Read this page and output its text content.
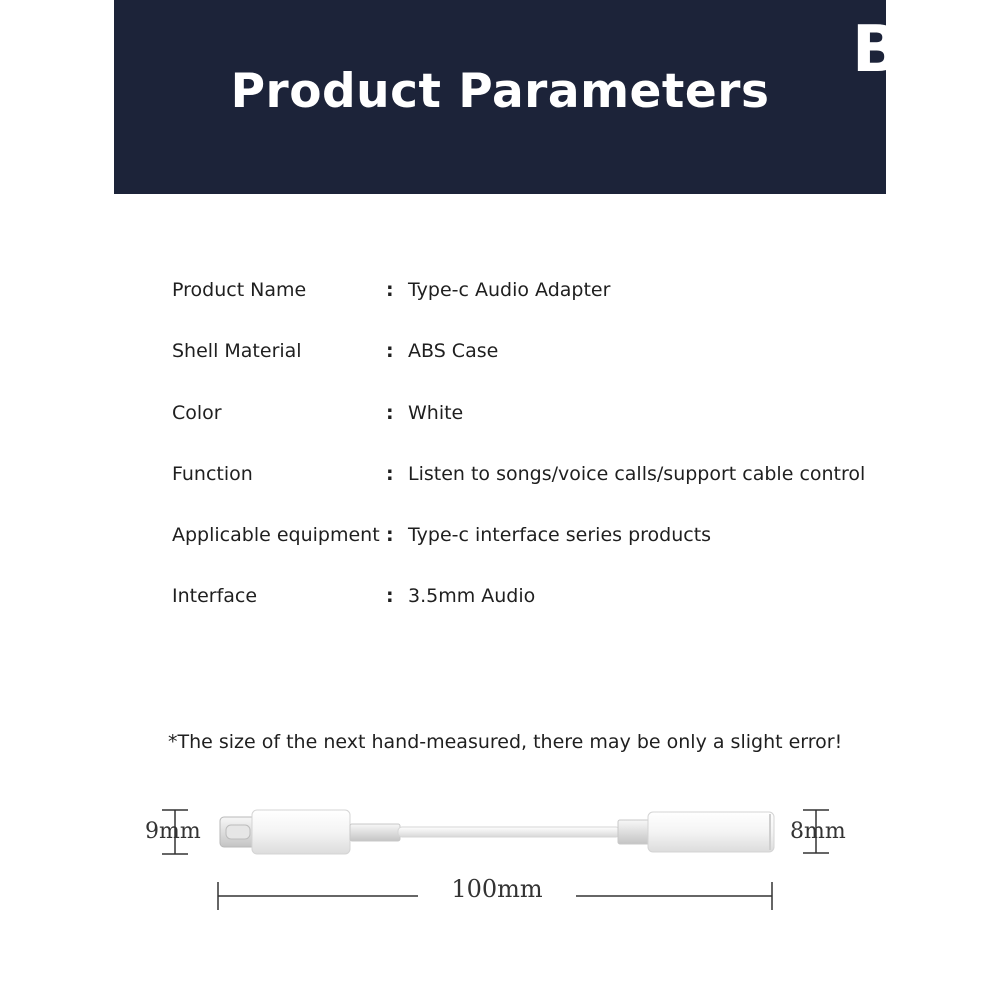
Product Parameters
B
Product Name	: Type-c Audio Adapter
Shell Material	: ABS Case
Color	: White
Function	: Listen to songs/voice calls/support cable control
Applicable equipment : Type-c interface series products
Interface	: 3.5mm Audio
*The size of the next hand-measured, there may be only a slight error!
9mm	8mm
100mm
